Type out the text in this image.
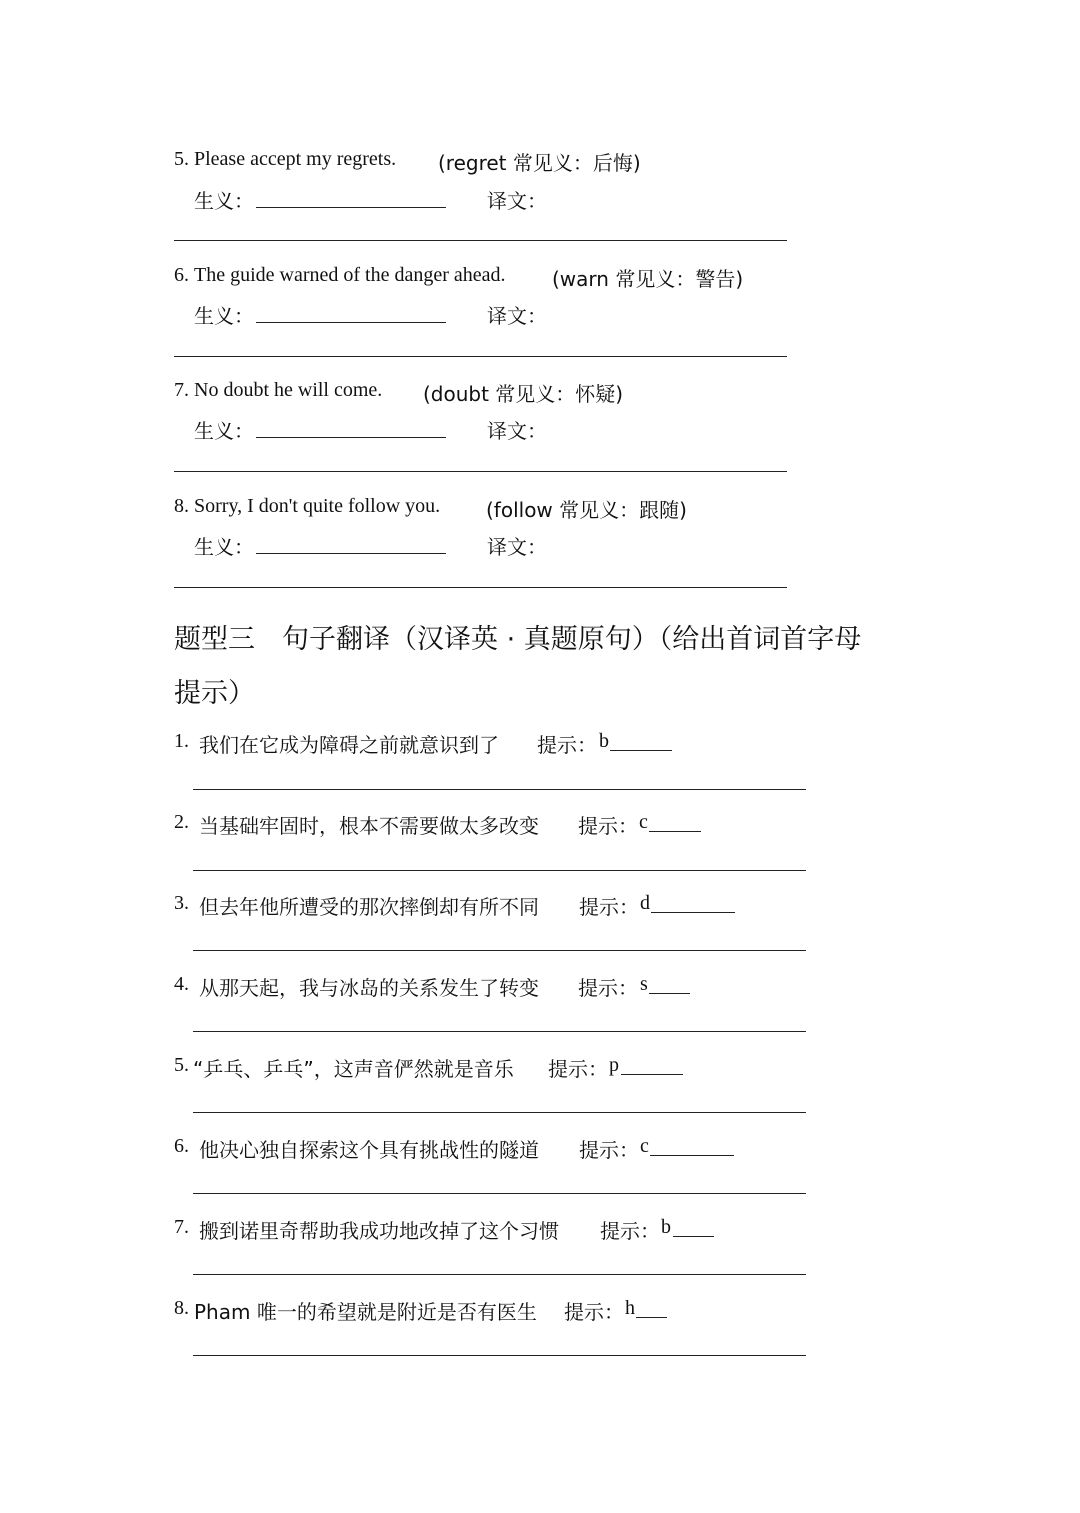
5. Please accept my regrets. (regret 常见义：后悔)
生义：	译文：
6. The guide warned of the danger ahead. (warn 常见义：警告)
生义：	译文：
7. No doubt he will come. (doubt 常见义：怀疑)
生义：	译文：
8. Sorry, I don't quite follow you. (follow 常见义：跟随)
生义：	译文：
题型三　句子翻译（汉译英 · 真题原句）（给出首词首字母
提示）
1. 我们在它成为障碍之前就意识到了 提示： b
2. 当基础牢固时，根本不需要做太多改变 提示： c
3. 但去年他所遭受的那次摔倒却有所不同 提示： d
4. 从那天起，我与冰岛的关系发生了转变 提示： s
5. “乒乓、乒乓”，这声音俨然就是音乐 提示： p
6. 他决心独自探索这个具有挑战性的隧道 提示： c
7. 搬到诺里奇帮助我成功地改掉了这个习惯 提示： b
8. Pham 唯一的希望就是附近是否有医生 提示： h
